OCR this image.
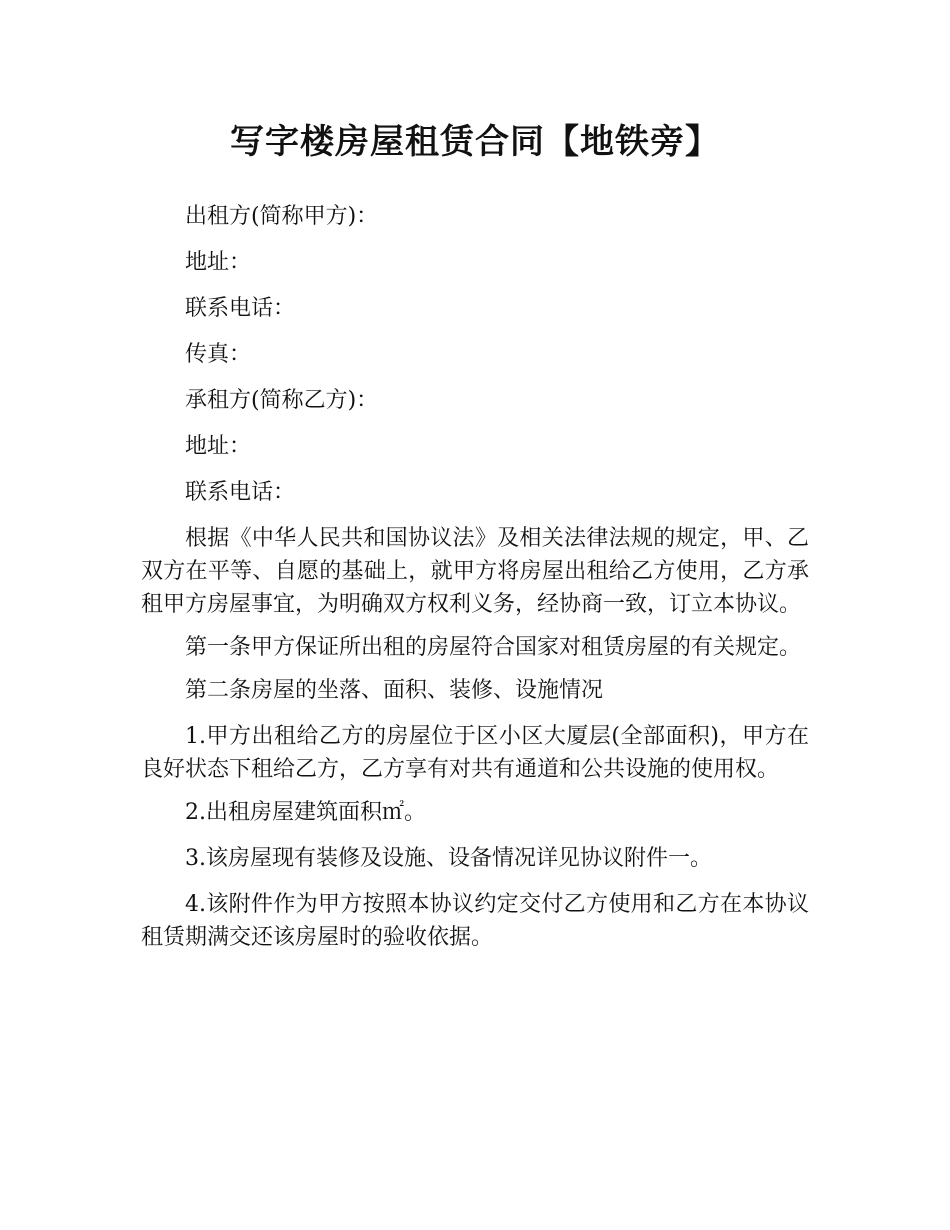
写字楼房屋租赁合同【地铁旁】

出租方(简称甲方)：

地址：

联系电话：

传真：

承租方(简称乙方)：

地址：

联系电话：

根据《中华人民共和国协议法》及相关法律法规的规定，甲、乙双方在平等、自愿的基础上，就甲方将房屋出租给乙方使用，乙方承租甲方房屋事宜，为明确双方权利义务，经协商一致，订立本协议。

第一条甲方保证所出租的房屋符合国家对租赁房屋的有关规定。

第二条房屋的坐落、面积、装修、设施情况

1.甲方出租给乙方的房屋位于区小区大厦层(全部面积)，甲方在良好状态下租给乙方，乙方享有对共有通道和公共设施的使用权。

2.出租房屋建筑面积㎡。

3.该房屋现有装修及设施、设备情况详见协议附件一。

4.该附件作为甲方按照本协议约定交付乙方使用和乙方在本协议租赁期满交还该房屋时的验收依据。
